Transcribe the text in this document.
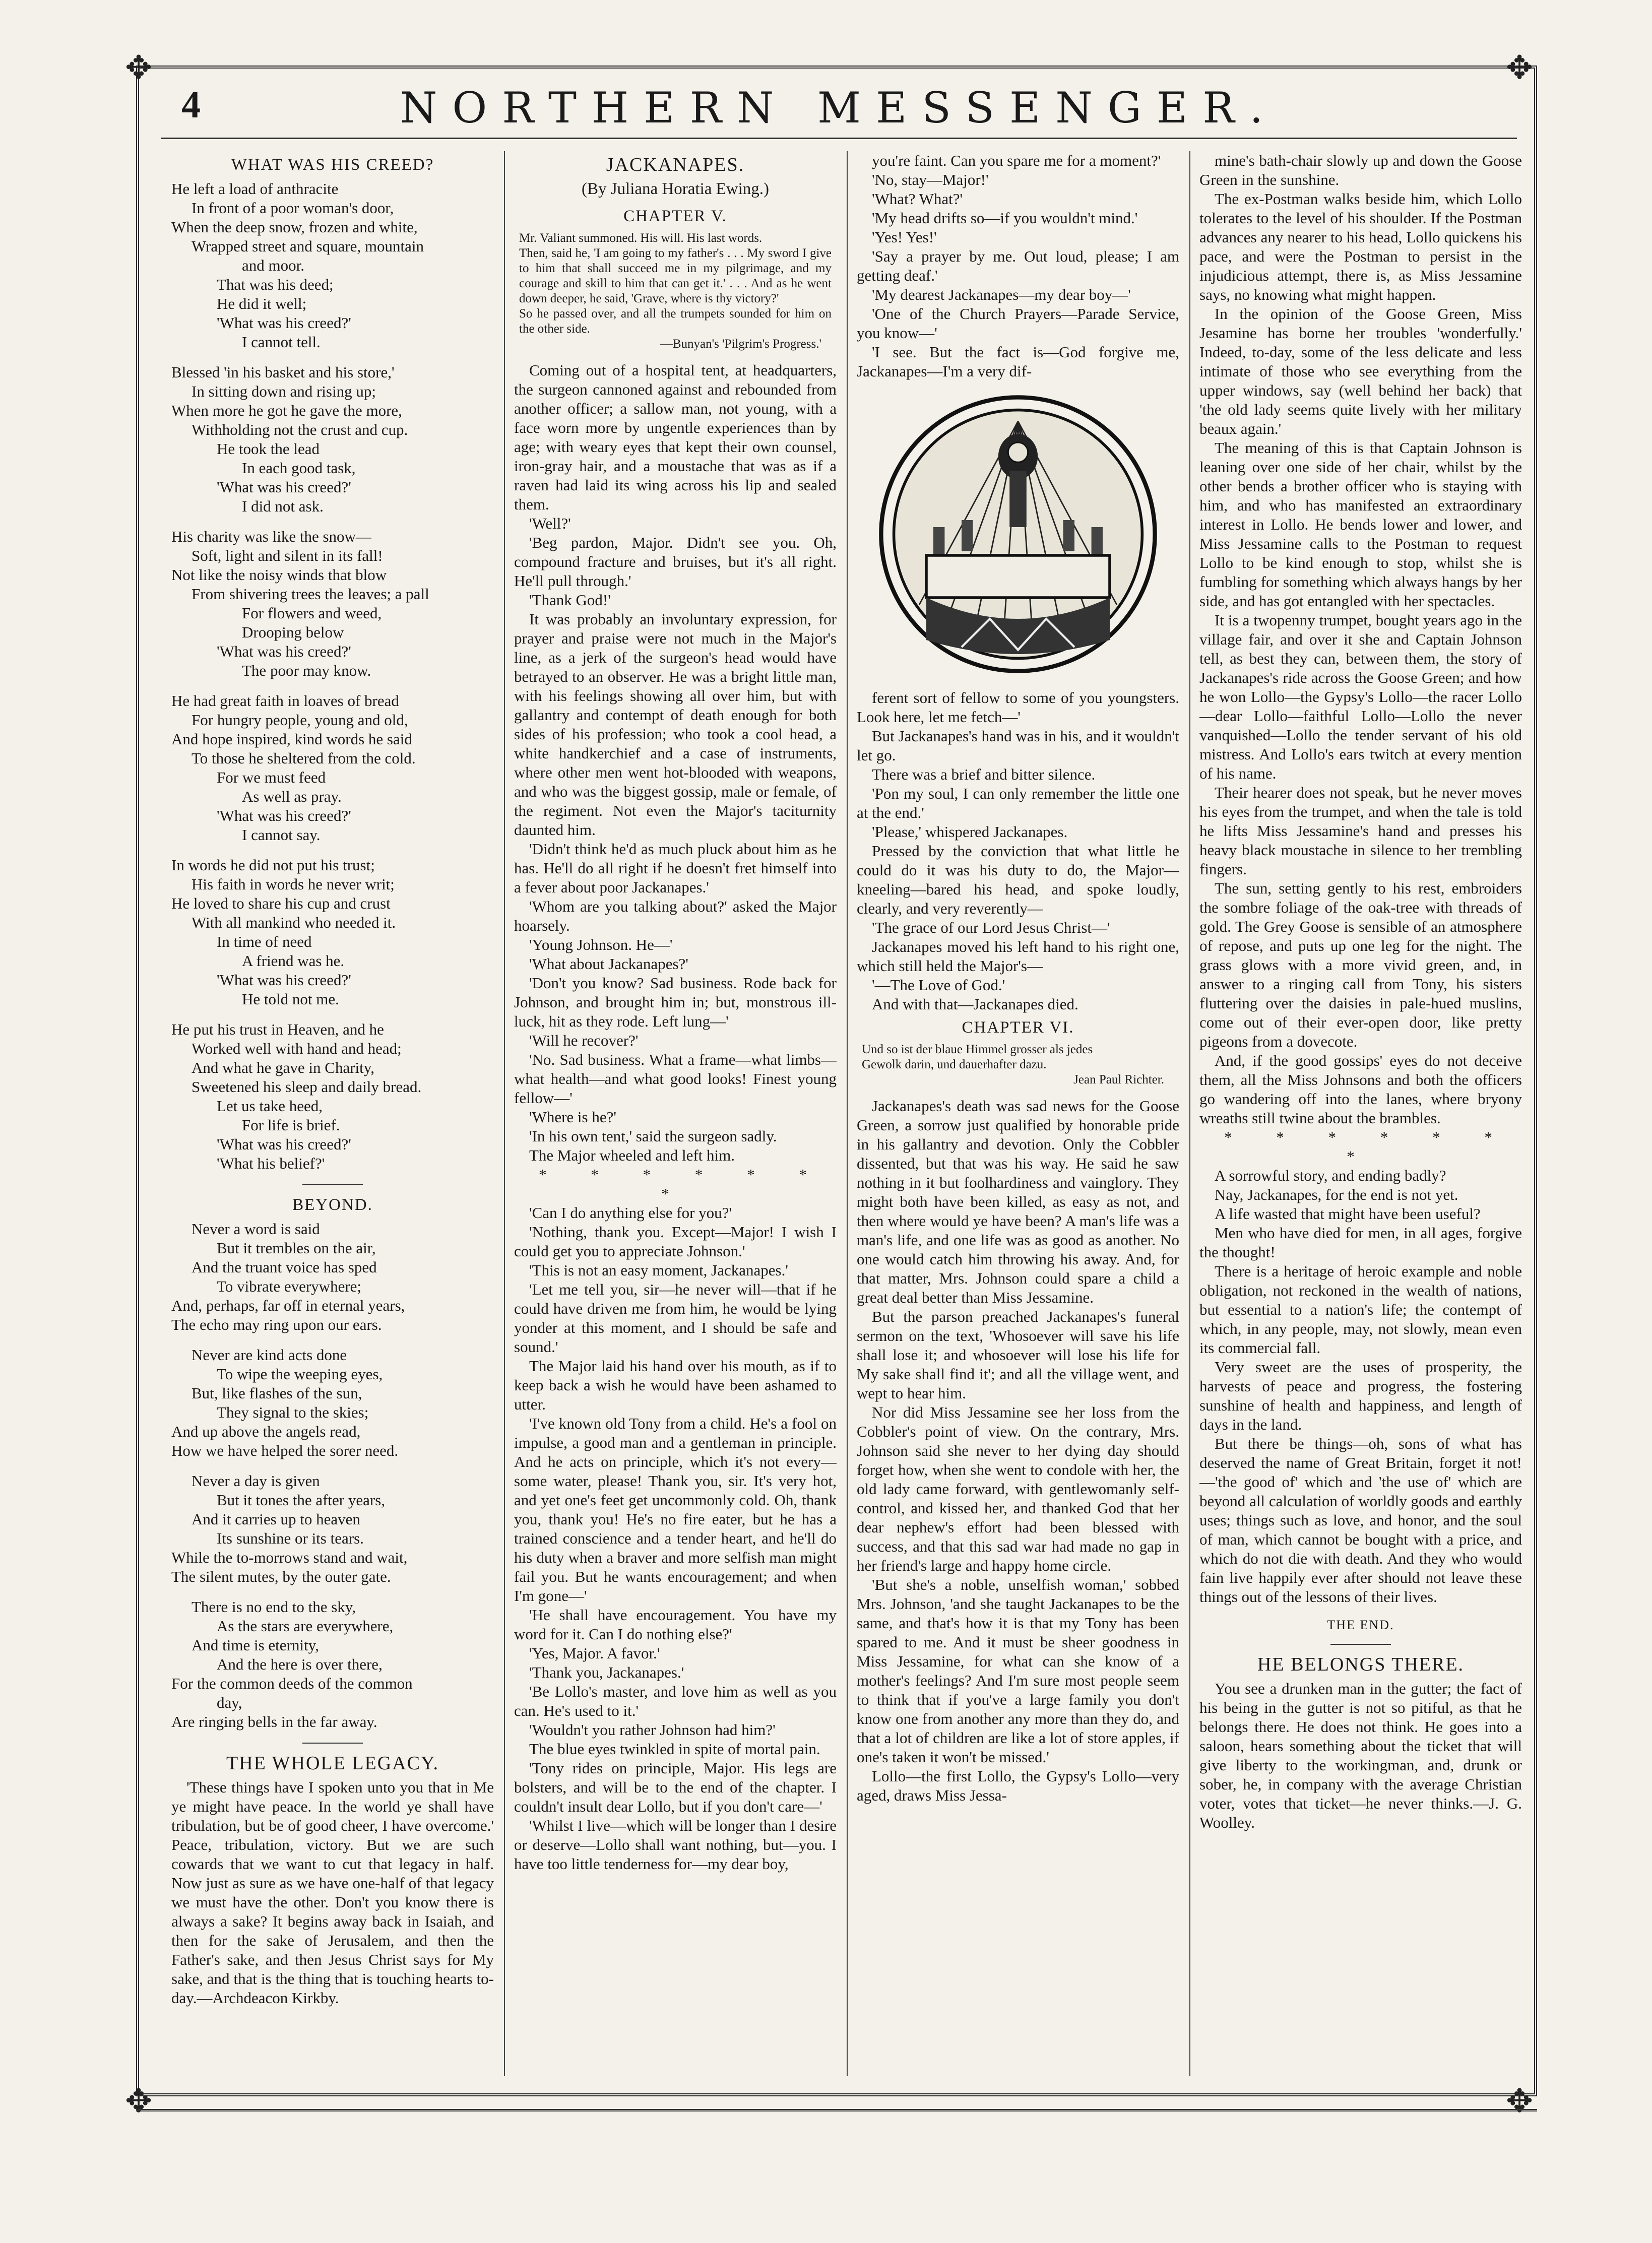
✥	✥
✥	✥
4	NORTHERN MESSENGER.
WHAT WAS HIS CREED?

He left a load of anthracite

In front of a poor woman's door,

When the deep snow, frozen and white,

Wrapped street and square, mountain

and moor.

That was his deed;

He did it well;

'What was his creed?'

I cannot tell.

Blessed 'in his basket and his store,'

In sitting down and rising up;

When more he got he gave the more,

Withholding not the crust and cup.

He took the lead

In each good task,

'What was his creed?'

I did not ask.

His charity was like the snow—

Soft, light and silent in its fall!

Not like the noisy winds that blow

From shivering trees the leaves; a pall

For flowers and weed,

Drooping below

'What was his creed?'

The poor may know.

He had great faith in loaves of bread

For hungry people, young and old,

And hope inspired, kind words he said

To those he sheltered from the cold.

For we must feed

As well as pray.

'What was his creed?'

I cannot say.

In words he did not put his trust;

His faith in words he never writ;

He loved to share his cup and crust

With all mankind who needed it.

In time of need

A friend was he.

'What was his creed?'

He told not me.

He put his trust in Heaven, and he

Worked well with hand and head;

And what he gave in Charity,

Sweetened his sleep and daily bread.

Let us take heed,

For life is brief.

'What was his creed?'

'What his belief?'

BEYOND.

Never a word is said

But it trembles on the air,

And the truant voice has sped

To vibrate everywhere;

And, perhaps, far off in eternal years,

The echo may ring upon our ears.

Never are kind acts done

To wipe the weeping eyes,

But, like flashes of the sun,

They signal to the skies;

And up above the angels read,

How we have helped the sorer need.

Never a day is given

But it tones the after years,

And it carries up to heaven

Its sunshine or its tears.

While the to-morrows stand and wait,

The silent mutes, by the outer gate.

There is no end to the sky,

As the stars are everywhere,

And time is eternity,

And the here is over there,

For the common deeds of the common

day,

Are ringing bells in the far away.

THE WHOLE LEGACY.

'These things have I spoken unto you that in Me ye might have peace. In the world ye shall have tribulation, but be of good cheer, I have overcome.' Peace, tribulation, victory. But we are such cowards that we want to cut that legacy in half. Now just as sure as we have one-half of that legacy we must have the other. Don't you know there is always a sake? It begins away back in Isaiah, and then for the sake of Jerusalem, and then the Father's sake, and then Jesus Christ says for My sake, and that is the thing that is touching hearts to-day.—Archdeacon Kirkby.

JACKANAPES.
(By Juliana Horatia Ewing.)
CHAPTER V.

Mr. Valiant summoned. His will. His last words.

Then, said he, 'I am going to my father's . . . My sword I give to him that shall succeed me in my pilgrimage, and my courage and skill to him that can get it.' . . . And as he went down deeper, he said, 'Grave, where is thy victory?'

So he passed over, and all the trumpets sounded for him on the other side.

—Bunyan's 'Pilgrim's Progress.'

Coming out of a hospital tent, at headquarters, the surgeon cannoned against and rebounded from another officer; a sallow man, not young, with a face worn more by ungentle experiences than by age; with weary eyes that kept their own counsel, iron-gray hair, and a moustache that was as if a raven had laid its wing across his lip and sealed them.

'Well?'

'Beg pardon, Major. Didn't see you. Oh, compound fracture and bruises, but it's all right. He'll pull through.'

'Thank God!'

It was probably an involuntary expression, for prayer and praise were not much in the Major's line, as a jerk of the surgeon's head would have betrayed to an observer. He was a bright little man, with his feelings showing all over him, but with gallantry and contempt of death enough for both sides of his profession; who took a cool head, a white handkerchief and a case of instruments, where other men went hot-blooded with weapons, and who was the biggest gossip, male or female, of the regiment. Not even the Major's taciturnity daunted him.

'Didn't think he'd as much pluck about him as he has. He'll do all right if he doesn't fret himself into a fever about poor Jackanapes.'

'Whom are you talking about?' asked the Major hoarsely.

'Young Johnson. He—'

'What about Jackanapes?'

'Don't you know? Sad business. Rode back for Johnson, and brought him in; but, monstrous ill-luck, hit as they rode. Left lung—'

'Will he recover?'

'No. Sad business. What a frame—what limbs—what health—and what good looks! Finest young fellow—'

'Where is he?'

'In his own tent,' said the surgeon sadly.

The Major wheeled and left him.

* * * * * * *

'Can I do anything else for you?'

'Nothing, thank you. Except—Major! I wish I could get you to appreciate Johnson.'

'This is not an easy moment, Jackanapes.'

'Let me tell you, sir—he never will—that if he could have driven me from him, he would be lying yonder at this moment, and I should be safe and sound.'

The Major laid his hand over his mouth, as if to keep back a wish he would have been ashamed to utter.

'I've known old Tony from a child. He's a fool on impulse, a good man and a gentleman in principle. And he acts on principle, which it's not every—some water, please! Thank you, sir. It's very hot, and yet one's feet get uncommonly cold. Oh, thank you, thank you! He's no fire eater, but he has a trained conscience and a tender heart, and he'll do his duty when a braver and more selfish man might fail you. But he wants encouragement; and when I'm gone—'

'He shall have encouragement. You have my word for it. Can I do nothing else?'

'Yes, Major. A favor.'

'Thank you, Jackanapes.'

'Be Lollo's master, and love him as well as you can. He's used to it.'

'Wouldn't you rather Johnson had him?'

The blue eyes twinkled in spite of mortal pain.

'Tony rides on principle, Major. His legs are bolsters, and will be to the end of the chapter. I couldn't insult dear Lollo, but if you don't care—'

'Whilst I live—which will be longer than I desire or deserve—Lollo shall want nothing, but—you. I have too little tenderness for—my dear boy,

you're faint. Can you spare me for a moment?'

'No, stay—Major!'

'What? What?'

'My head drifts so—if you wouldn't mind.'

'Yes! Yes!'

'Say a prayer by me. Out loud, please; I am getting deaf.'

'My dearest Jackanapes—my dear boy—'

'One of the Church Prayers—Parade Service, you know—'

'I see. But the fact is—God forgive me, Jackanapes—I'm a very dif-

ferent sort of fellow to some of you youngsters. Look here, let me fetch—'

But Jackanapes's hand was in his, and it wouldn't let go.

There was a brief and bitter silence.

'Pon my soul, I can only remember the little one at the end.'

'Please,' whispered Jackanapes.

Pressed by the conviction that what little he could do it was his duty to do, the Major—kneeling—bared his head, and spoke loudly, clearly, and very reverently—

'The grace of our Lord Jesus Christ—'

Jackanapes moved his left hand to his right one, which still held the Major's—

'—The Love of God.'

And with that—Jackanapes died.

CHAPTER VI.

Und so ist der blaue Himmel grosser als jedes

Gewolk darin, und dauerhafter dazu.

Jean Paul Richter.

Jackanapes's death was sad news for the Goose Green, a sorrow just qualified by honorable pride in his gallantry and devotion. Only the Cobbler dissented, but that was his way. He said he saw nothing in it but foolhardiness and vainglory. They might both have been killed, as easy as not, and then where would ye have been? A man's life was a man's life, and one life was as good as another. No one would catch him throwing his away. And, for that matter, Mrs. Johnson could spare a child a great deal better than Miss Jessamine.

But the parson preached Jackanapes's funeral sermon on the text, 'Whosoever will save his life shall lose it; and whosoever will lose his life for My sake shall find it'; and all the village went, and wept to hear him.

Nor did Miss Jessamine see her loss from the Cobbler's point of view. On the contrary, Mrs. Johnson said she never to her dying day should forget how, when she went to condole with her, the old lady came forward, with gentlewomanly self-control, and kissed her, and thanked God that her dear nephew's effort had been blessed with success, and that this sad war had made no gap in her friend's large and happy home circle.

'But she's a noble, unselfish woman,' sobbed Mrs. Johnson, 'and she taught Jackanapes to be the same, and that's how it is that my Tony has been spared to me. And it must be sheer goodness in Miss Jessamine, for what can she know of a mother's feelings? And I'm sure most people seem to think that if you've a large family you don't know one from another any more than they do, and that a lot of children are like a lot of store apples, if one's taken it won't be missed.'

Lollo—the first Lollo, the Gypsy's Lollo—very aged, draws Miss Jessa-

mine's bath-chair slowly up and down the Goose Green in the sunshine.

The ex-Postman walks beside him, which Lollo tolerates to the level of his shoulder. If the Postman advances any nearer to his head, Lollo quickens his pace, and were the Postman to persist in the injudicious attempt, there is, as Miss Jessamine says, no knowing what might happen.

In the opinion of the Goose Green, Miss Jesamine has borne her troubles 'wonderfully.' Indeed, to-day, some of the less delicate and less intimate of those who see everything from the upper windows, say (well behind her back) that 'the old lady seems quite lively with her military beaux again.'

The meaning of this is that Captain Johnson is leaning over one side of her chair, whilst by the other bends a brother officer who is staying with him, and who has manifested an extraordinary interest in Lollo. He bends lower and lower, and Miss Jessamine calls to the Postman to request Lollo to be kind enough to stop, whilst she is fumbling for something which always hangs by her side, and has got entangled with her spectacles.

It is a twopenny trumpet, bought years ago in the village fair, and over it she and Captain Johnson tell, as best they can, between them, the story of Jackanapes's ride across the Goose Green; and how he won Lollo—the Gypsy's Lollo—the racer Lollo—dear Lollo—faithful Lollo—Lollo the never vanquished—Lollo the tender servant of his old mistress. And Lollo's ears twitch at every mention of his name.

Their hearer does not speak, but he never moves his eyes from the trumpet, and when the tale is told he lifts Miss Jessamine's hand and presses his heavy black moustache in silence to her trembling fingers.

The sun, setting gently to his rest, embroiders the sombre foliage of the oak-tree with threads of gold. The Grey Goose is sensible of an atmosphere of repose, and puts up one leg for the night. The grass glows with a more vivid green, and, in answer to a ringing call from Tony, his sisters fluttering over the daisies in pale-hued muslins, come out of their ever-open door, like pretty pigeons from a dovecote.

And, if the good gossips' eyes do not deceive them, all the Miss Johnsons and both the officers go wandering off into the lanes, where bryony wreaths still twine about the brambles.

* * * * * * *

A sorrowful story, and ending badly?

Nay, Jackanapes, for the end is not yet.

A life wasted that might have been useful?

Men who have died for men, in all ages, forgive the thought!

There is a heritage of heroic example and noble obligation, not reckoned in the wealth of nations, but essential to a nation's life; the contempt of which, in any people, may, not slowly, mean even its commercial fall.

Very sweet are the uses of prosperity, the harvests of peace and progress, the fostering sunshine of health and happiness, and length of days in the land.

But there be things—oh, sons of what has deserved the name of Great Britain, forget it not!—'the good of' which and 'the use of' which are beyond all calculation of worldly goods and earthly uses; things such as love, and honor, and the soul of man, which cannot be bought with a price, and which do not die with death. And they who would fain live happily ever after should not leave these things out of the lessons of their lives.

THE END.
HE BELONGS THERE.

You see a drunken man in the gutter; the fact of his being in the gutter is not so pitiful, as that he belongs there. He does not think. He goes into a saloon, hears something about the ticket that will give liberty to the workingman, and, drunk or sober, he, in company with the average Christian voter, votes that ticket—he never thinks.—J. G. Woolley.
